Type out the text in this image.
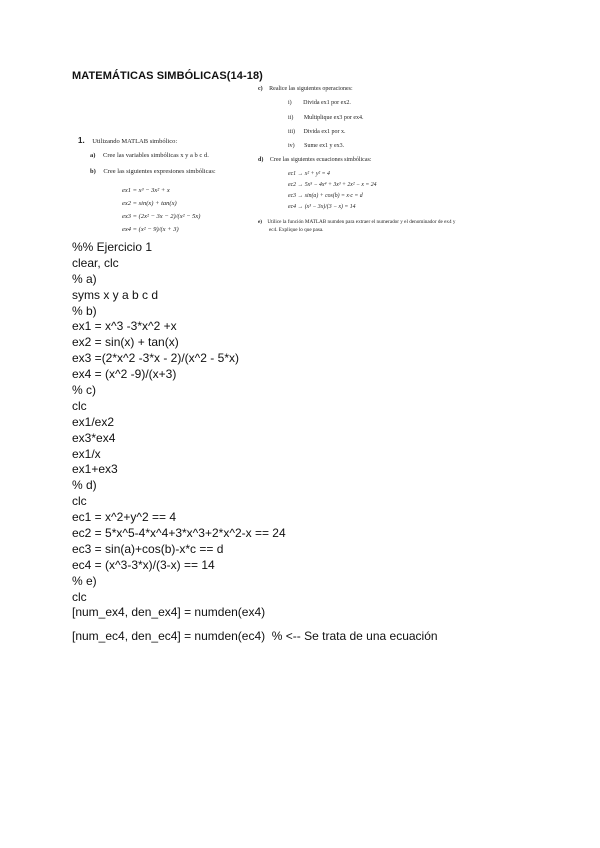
MATEMÁTICAS SIMBÓLICAS(14-18)
1. Utilizando MATLAB simbólico:
a) Cree las variables simbólicas x y a b c d.
b) Cree las siguientes expresiones simbólicas:
ex1 = x³ − 3x² + x
ex2 = sin(x) + tan(x)
ex3 = (2x² − 3x − 2)/(x² − 5x)
ex4 = (x² − 9)/(x + 3)
c) Realice las siguientes operaciones:
i) Divida ex1 por ex2.
ii) Multiplique ex3 por ex4.
iii) Divida ex1 por x.
iv) Sume ex1 y ex3.
d) Cree las siguientes ecuaciones simbólicas:
ec1 → x² + y² = 4
ec2 → 5x⁵ − 4x⁴ + 3x³ + 2x² − x = 24
ec3 → sin(a) + cos(b) = x·c = d
ec4 → (x³ − 3x)/(3 − x) = 14
e) Utilice la función MATLAB numden para extraer el numerador y el denominador de ex4 y
ec4. Explique lo que pasa.
%% Ejercicio 1
clear, clc
% a)
syms x y a b c d
% b)
ex1 = x^3 -3*x^2 +x
ex2 = sin(x) + tan(x)
ex3 =(2*x^2 -3*x - 2)/(x^2 - 5*x)
ex4 = (x^2 -9)/(x+3)
% c)
clc
ex1/ex2
ex3*ex4
ex1/x
ex1+ex3
% d)
clc
ec1 = x^2+y^2 == 4
ec2 = 5*x^5-4*x^4+3*x^3+2*x^2-x == 24
ec3 = sin(a)+cos(b)-x*c == d
ec4 = (x^3-3*x)/(3-x) == 14
% e)
clc
[num_ex4, den_ex4] = numden(ex4)
[num_ec4, den_ec4] = numden(ec4)  % <-- Se trata de una ecuación
